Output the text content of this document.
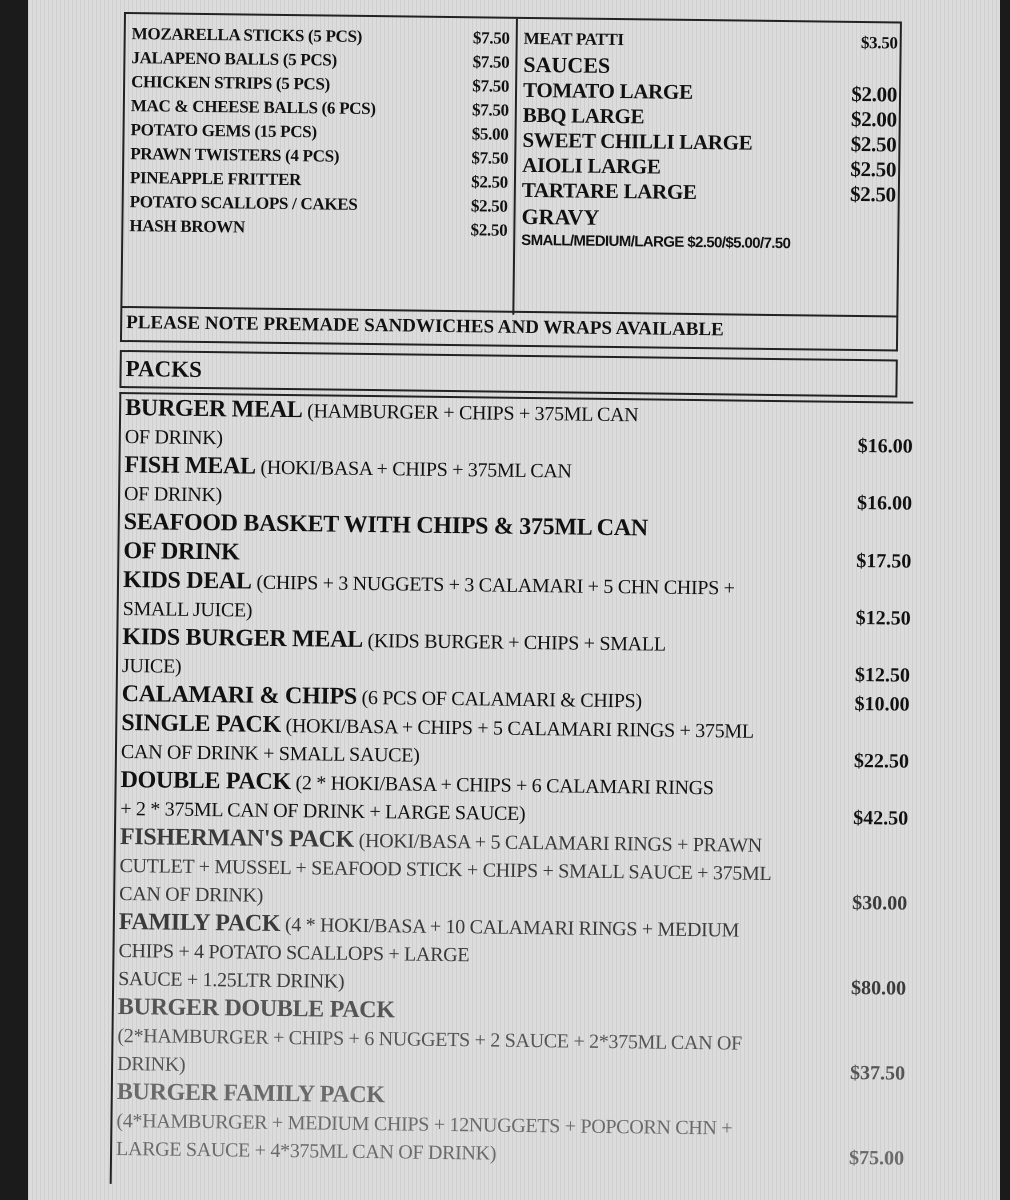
MOZARELLA STICKS (5 PCS)	$7.50
JALAPENO BALLS (5 PCS)	$7.50
CHICKEN STRIPS (5 PCS)	$7.50
MAC & CHEESE BALLS (6 PCS)	$7.50
POTATO GEMS (15 PCS)	$5.00
PRAWN TWISTERS (4 PCS)	$7.50
PINEAPPLE FRITTER	$2.50
POTATO SCALLOPS / CAKES	$2.50
HASH BROWN	$2.50
MEAT PATTI	$3.50
SAUCES
TOMATO LARGE	$2.00
BBQ LARGE	$2.00
SWEET CHILLI LARGE	$2.50
AIOLI LARGE	$2.50
TARTARE LARGE	$2.50
GRAVY
SMALL/MEDIUM/LARGE $2.50/$5.00/7.50
PLEASE NOTE PREMADE SANDWICHES AND WRAPS AVAILABLE
PACKS
BURGER MEAL (HAMBURGER + CHIPS + 375ML CAN
OF DRINK)	$16.00
FISH MEAL (HOKI/BASA + CHIPS + 375ML CAN
OF DRINK)	$16.00
SEAFOOD BASKET WITH CHIPS & 375ML CAN
OF DRINK	$17.50
KIDS DEAL (CHIPS + 3 NUGGETS + 3 CALAMARI + 5 CHN CHIPS +
SMALL JUICE)	$12.50
KIDS BURGER MEAL (KIDS BURGER + CHIPS + SMALL
JUICE)	$12.50
CALAMARI & CHIPS (6 PCS OF CALAMARI & CHIPS)	$10.00
SINGLE PACK (HOKI/BASA + CHIPS + 5 CALAMARI RINGS + 375ML
CAN OF DRINK + SMALL SAUCE)	$22.50
DOUBLE PACK (2 * HOKI/BASA + CHIPS + 6 CALAMARI RINGS
+ 2 * 375ML CAN OF DRINK + LARGE SAUCE)	$42.50
FISHERMAN'S PACK (HOKI/BASA + 5 CALAMARI RINGS + PRAWN
CUTLET + MUSSEL + SEAFOOD STICK + CHIPS + SMALL SAUCE + 375ML
CAN OF DRINK)	$30.00
FAMILY PACK (4 * HOKI/BASA + 10 CALAMARI RINGS + MEDIUM
CHIPS + 4 POTATO SCALLOPS + LARGE
SAUCE + 1.25LTR DRINK)	$80.00
BURGER DOUBLE PACK
(2*HAMBURGER + CHIPS + 6 NUGGETS + 2 SAUCE + 2*375ML CAN OF
DRINK)	$37.50
BURGER FAMILY PACK
(4*HAMBURGER + MEDIUM CHIPS + 12NUGGETS + POPCORN CHN +
LARGE SAUCE + 4*375ML CAN OF DRINK)	$75.00
